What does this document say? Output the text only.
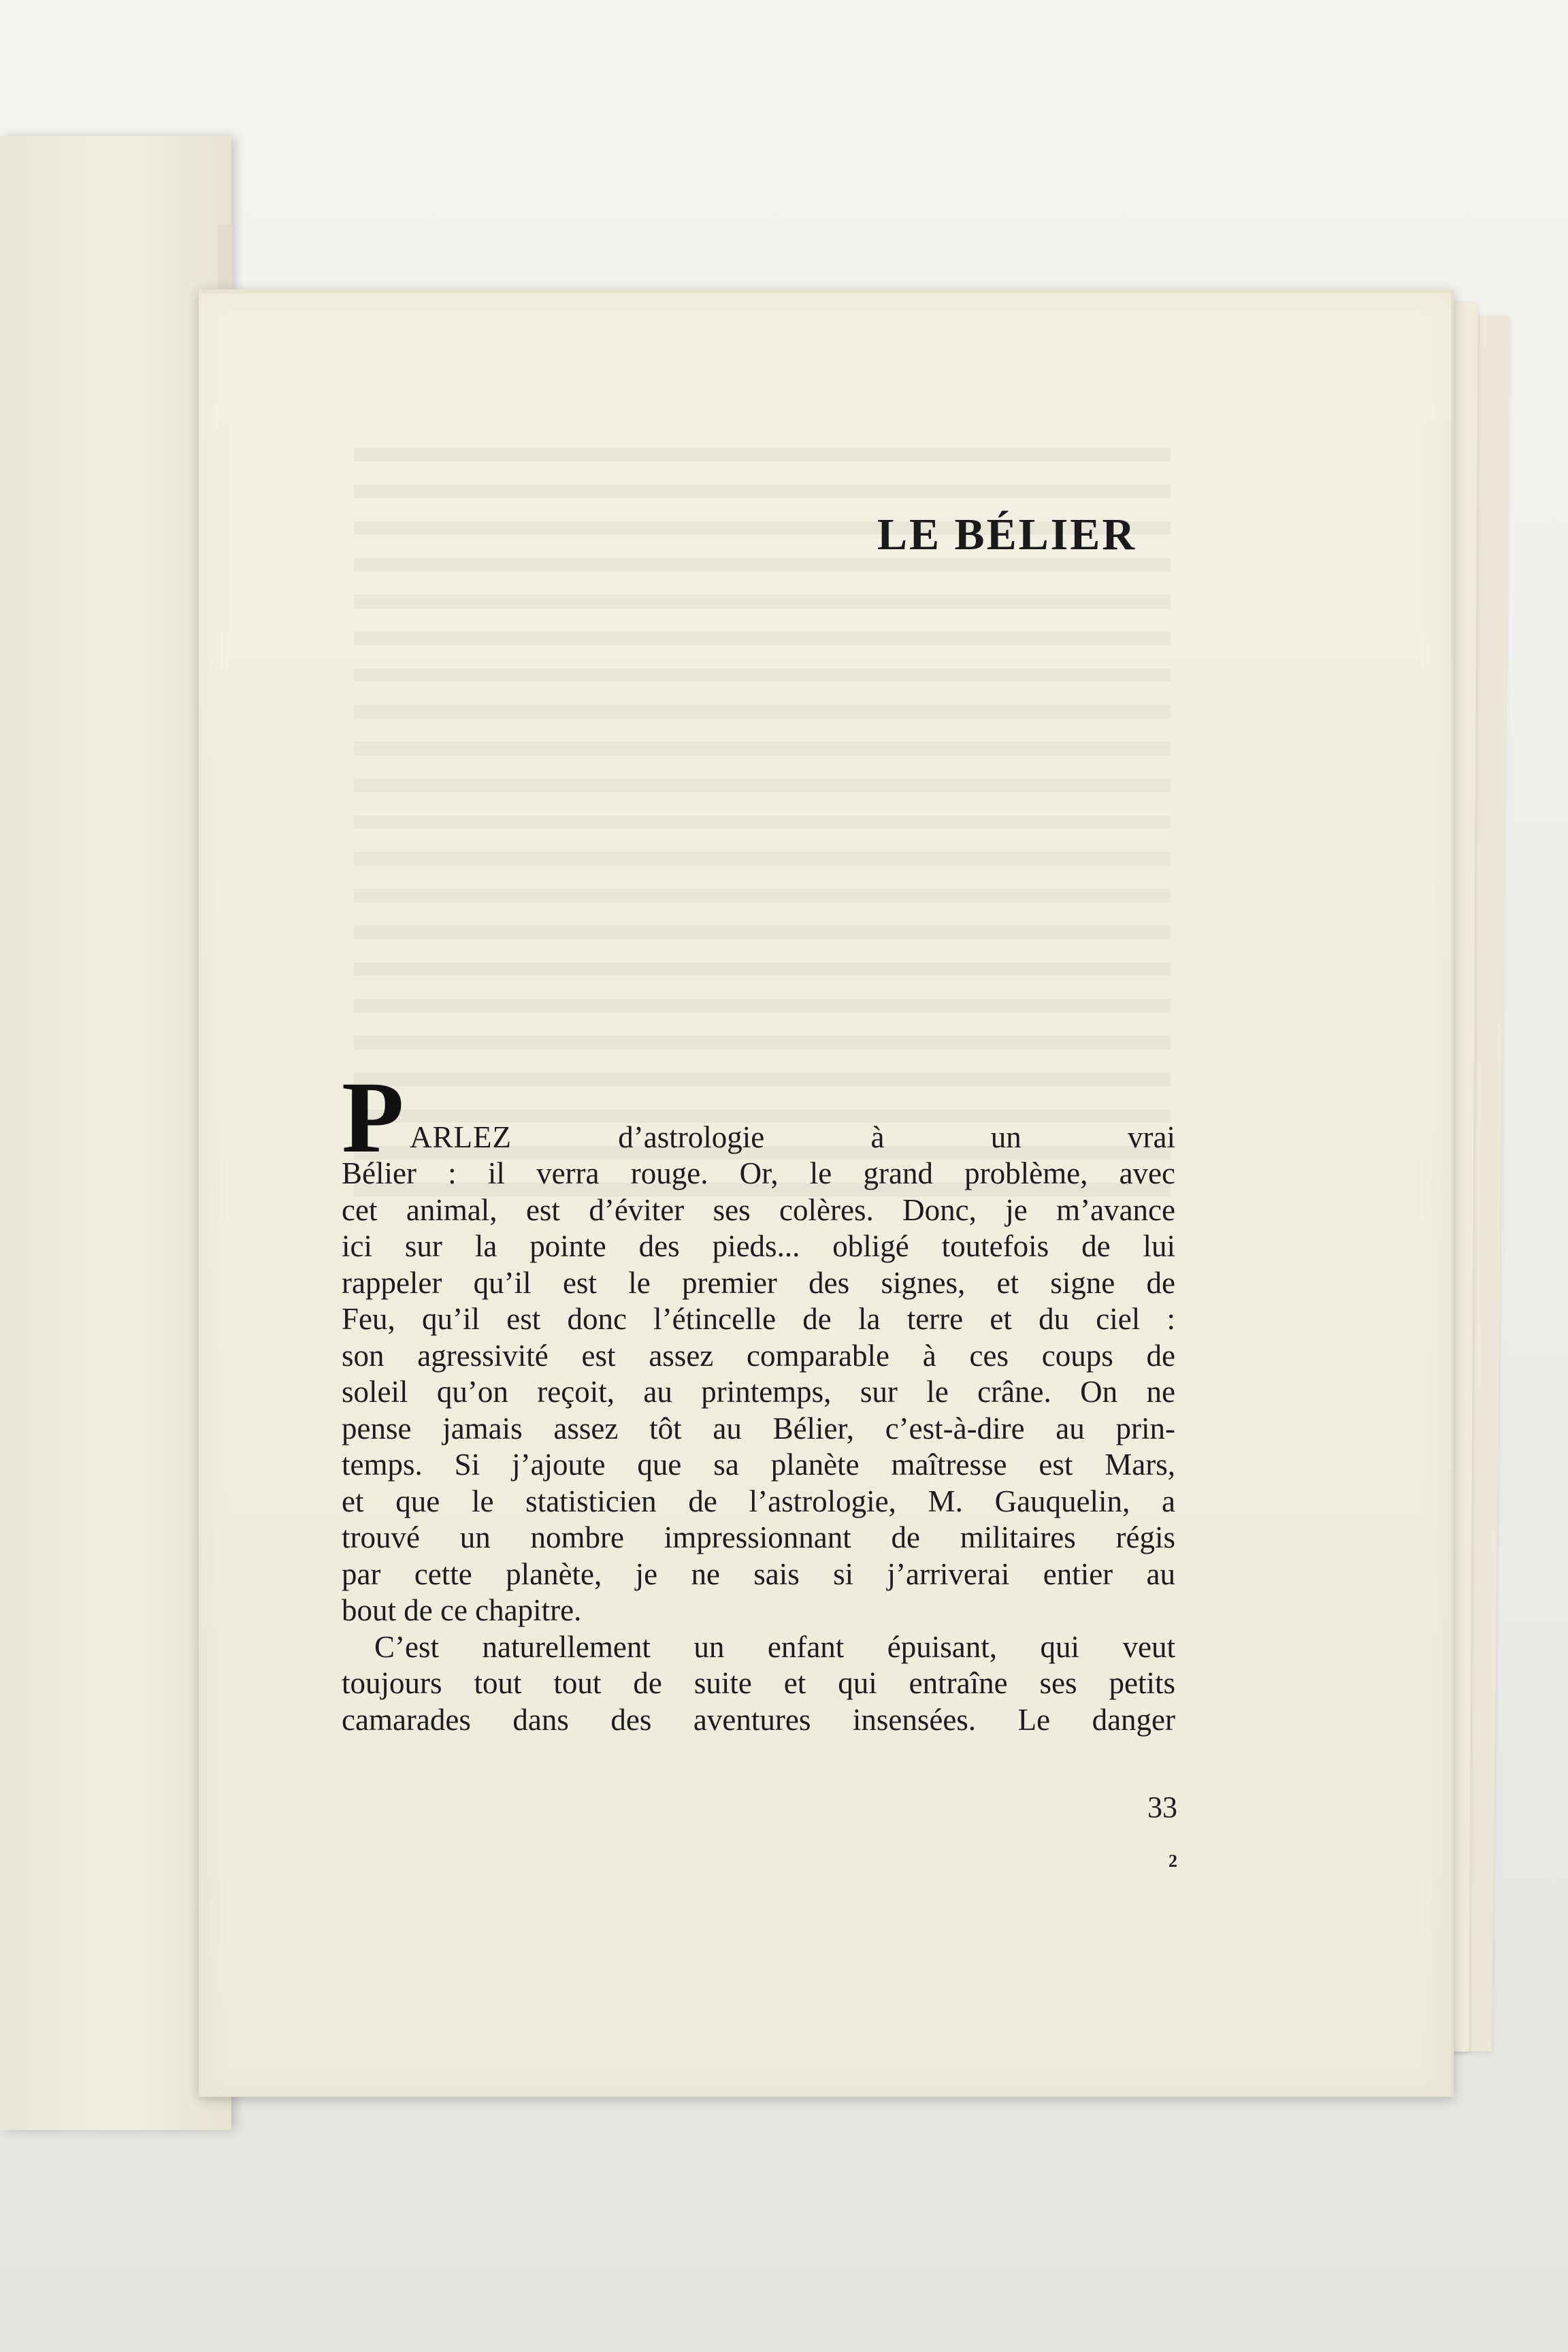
LE BÉLIER
P ARLEZ d’astrologie à un vrai
Bélier : il verra rouge. Or, le grand problème, avec
cet animal, est d’éviter ses colères. Donc, je m’avance
ici sur la pointe des pieds... obligé toutefois de lui
rappeler qu’il est le premier des signes, et signe de
Feu, qu’il est donc l’étincelle de la terre et du ciel :
son agressivité est assez comparable à ces coups de
soleil qu’on reçoit, au printemps, sur le crâne. On ne
pense jamais assez tôt au Bélier, c’est-à-dire au prin-
temps. Si j’ajoute que sa planète maîtresse est Mars,
et que le statisticien de l’astrologie, M. Gauquelin, a
trouvé un nombre impressionnant de militaires régis
par cette planète, je ne sais si j’arriverai entier au
bout de ce chapitre.
C’est naturellement un enfant épuisant, qui veut
toujours tout tout de suite et qui entraîne ses petits
camarades dans des aventures insensées. Le danger
33
2
